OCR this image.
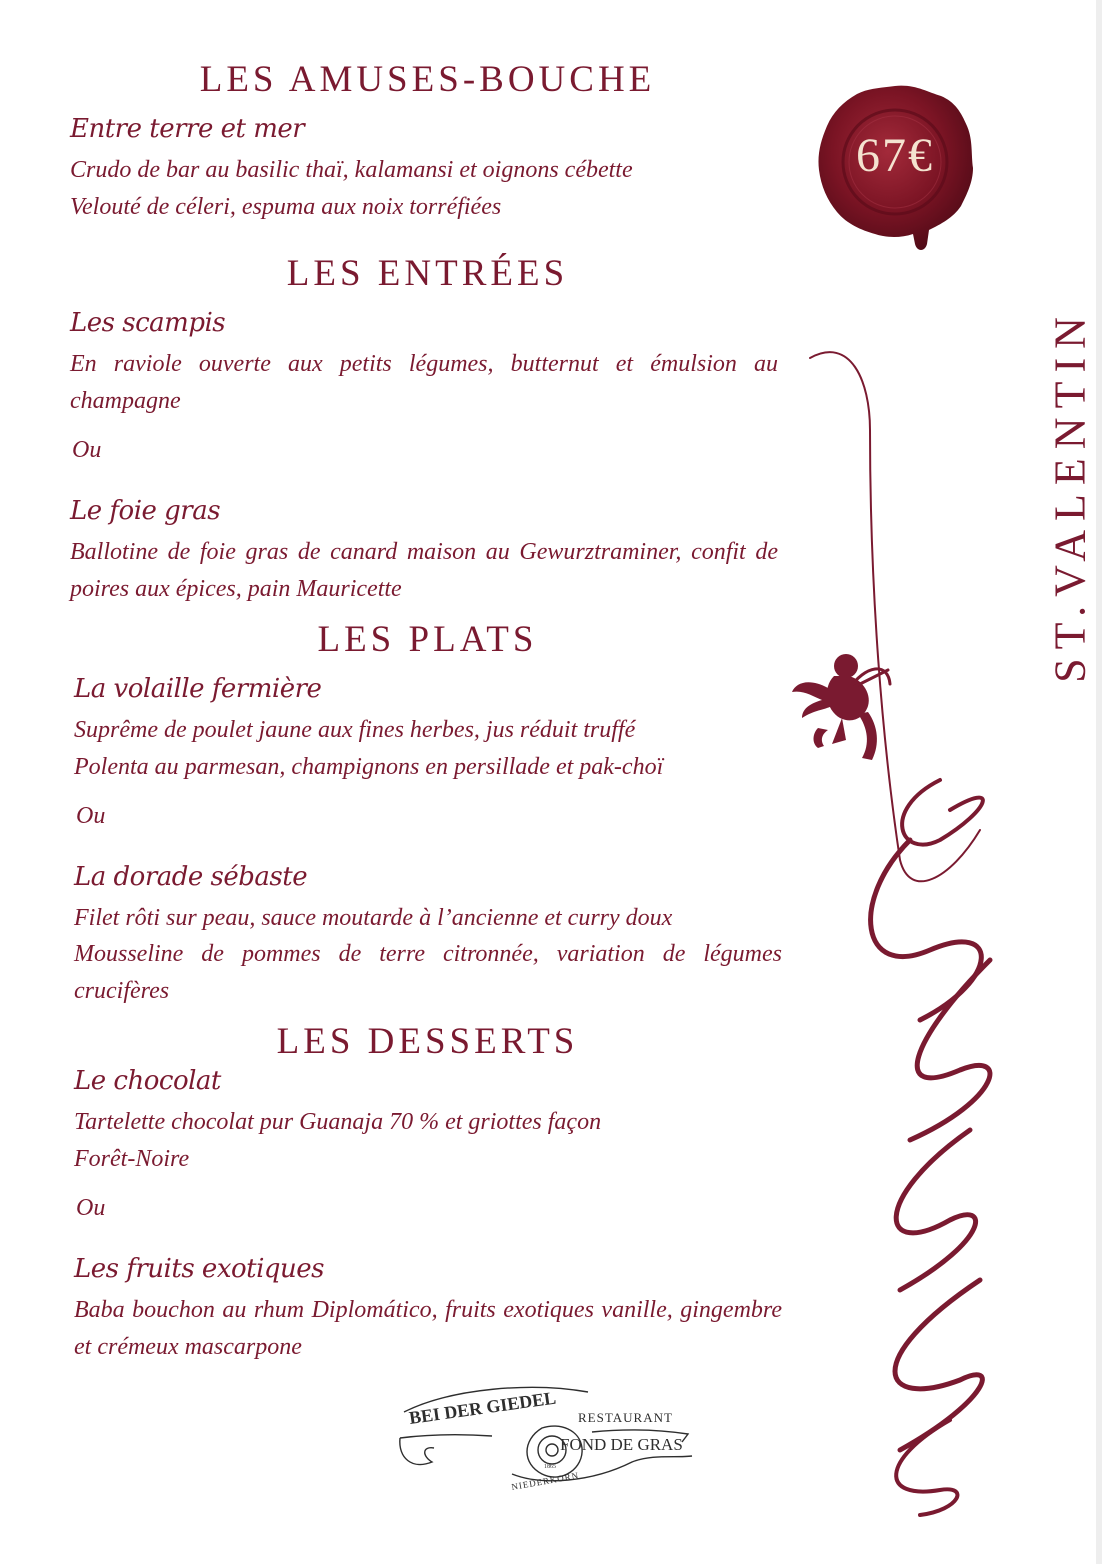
LES AMUSES-BOUCHE
Entre terre et mer
Crudo de bar au basilic thaï, kalamansi et oignons cébette
Velouté de céleri, espuma aux noix torréfiées
LES ENTRÉES
Les scampis
En raviole ouverte aux petits légumes, butternut et émulsion au champagne
Ou
Le foie gras
Ballotine de foie gras de canard maison au Gewurztraminer, confit de poires aux épices, pain Mauricette
LES PLATS
La volaille fermière
Suprême de poulet jaune aux fines herbes, jus réduit truffé
Polenta au parmesan, champignons en persillade et pak-choï
Ou
La dorade sébaste
Filet rôti sur peau, sauce moutarde à l’ancienne et curry doux
Mousseline de pommes de terre citronnée, variation de légumes crucifères
LES DESSERTS
Le chocolat
Tartelette chocolat pur Guanaja 70 % et griottes façon
Forêt-Noire
Ou
Les fruits exotiques
Baba bouchon au rhum Diplomático, fruits exotiques vanille, gingembre et crémeux mascarpone
67€
ST.VALENTIN
BEI DER GIEDEL RESTAURANT
FOND DE GRAS
NIEDERKORN
1865
